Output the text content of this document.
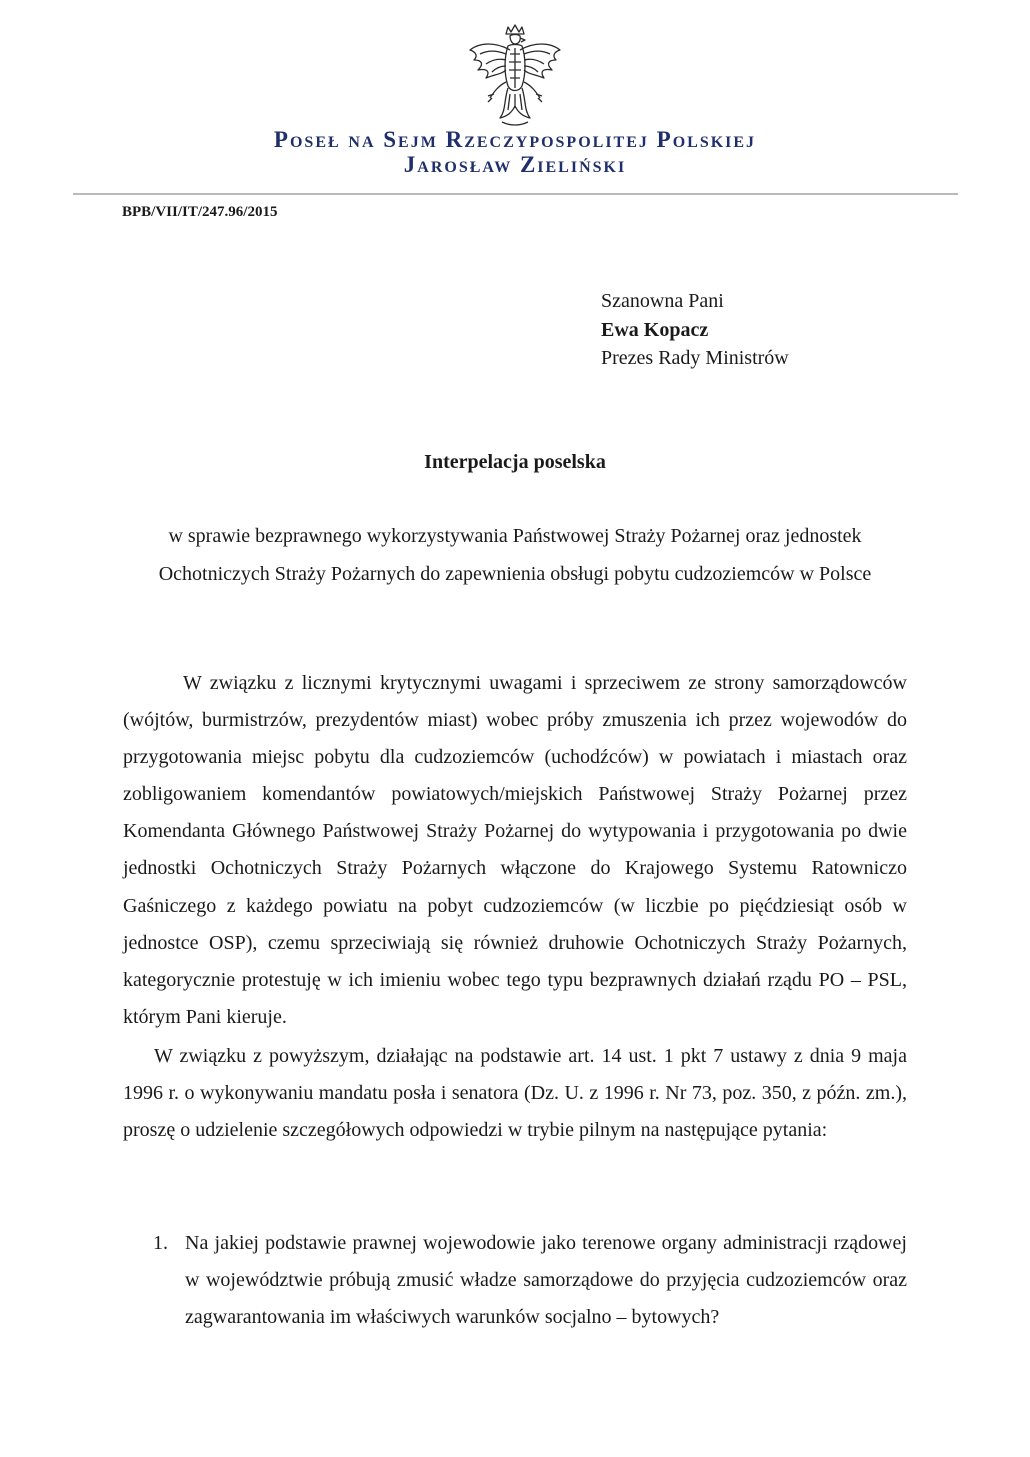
Poseł na Sejm Rzeczypospolitej Polskiej
Jarosław Zieliński
BPB/VII/IT/247.96/2015
Szanowna Pani
Ewa Kopacz
Prezes Rady Ministrów
Interpelacja poselska
w sprawie bezprawnego wykorzystywania Państwowej Straży Pożarnej oraz jednostek
Ochotniczych Straży Pożarnych do zapewnienia obsługi pobytu cudzoziemców w Polsce

W związku z licznymi krytycznymi uwagami i sprzeciwem ze strony samorządowców (wójtów, burmistrzów, prezydentów miast) wobec próby zmuszenia ich przez wojewodów do przygotowania miejsc pobytu dla cudzoziemców (uchodźców) w powiatach i miastach oraz zobligowaniem komendantów powiatowych/miejskich Państwowej Straży Pożarnej przez Komendanta Głównego Państwowej Straży Pożarnej do wytypowania i przygotowania po dwie jednostki Ochotniczych Straży Pożarnych włączone do Krajowego Systemu Ratowniczo Gaśniczego z każdego powiatu na pobyt cudzoziemców (w liczbie po pięćdziesiąt osób w jednostce OSP), czemu sprzeciwiają się również druhowie Ochotniczych Straży Pożarnych, kategorycznie protestuję w ich imieniu wobec tego typu bezprawnych działań rządu PO – PSL, którym Pani kieruje.

W związku z powyższym, działając na podstawie art. 14 ust. 1 pkt 7 ustawy z dnia 9 maja 1996 r. o wykonywaniu mandatu posła i senatora (Dz. U. z 1996 r. Nr 73, poz. 350, z późn. zm.), proszę o udzielenie szczegółowych odpowiedzi w trybie pilnym na następujące pytania:

1. Na jakiej podstawie prawnej wojewodowie jako terenowe organy administracji rządowej w województwie próbują zmusić władze samorządowe do przyjęcia cudzoziemców oraz zagwarantowania im właściwych warunków socjalno – bytowych?
